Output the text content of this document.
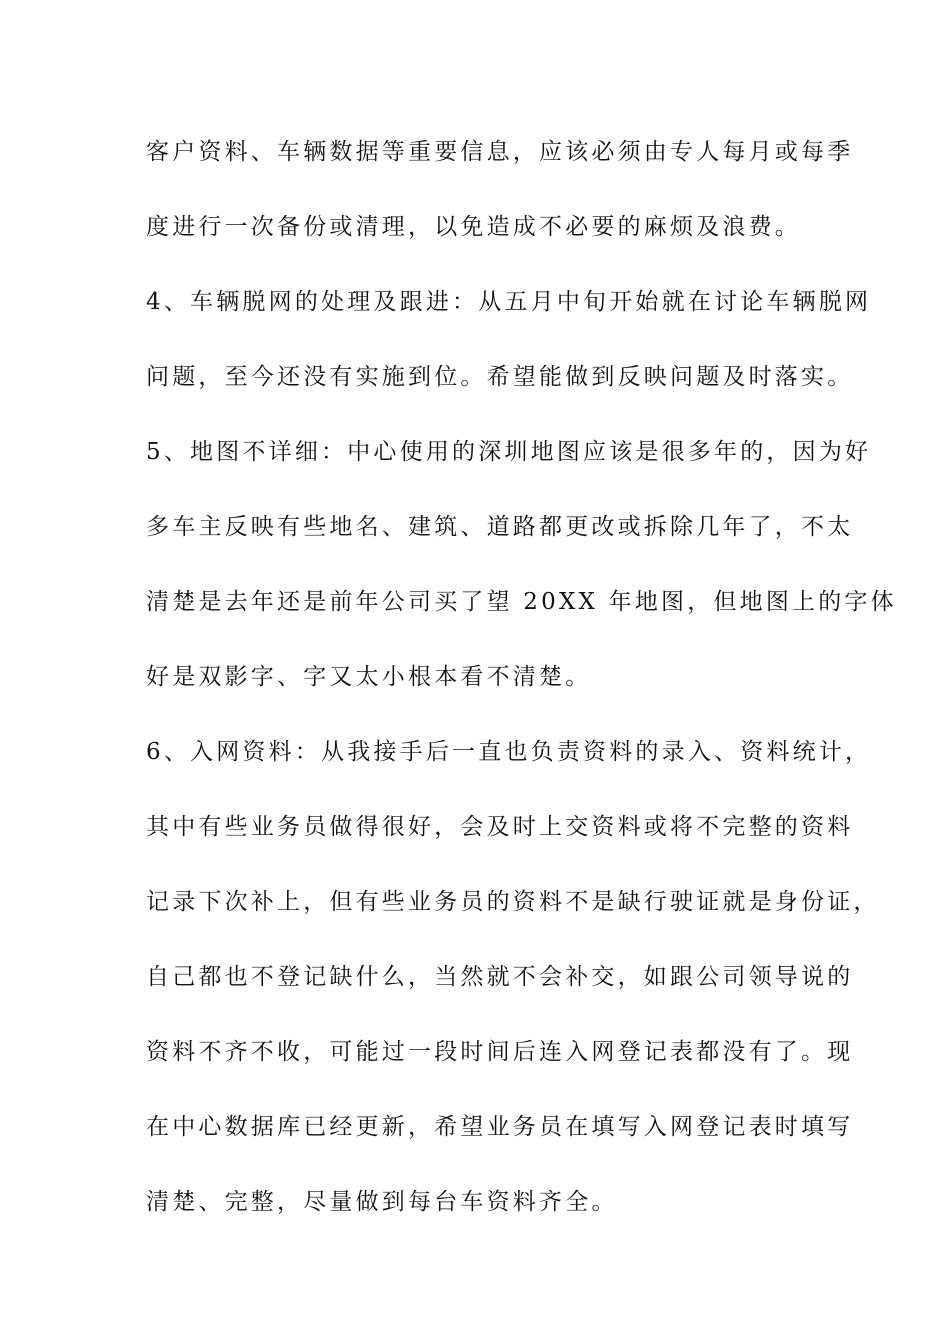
客户资料、车辆数据等重要信息，应该必须由专人每月或每季
度进行一次备份或清理，以免造成不必要的麻烦及浪费。
4、车辆脱网的处理及跟进：从五月中旬开始就在讨论车辆脱网
问题，至今还没有实施到位。希望能做到反映问题及时落实。
5、地图不详细：中心使用的深圳地图应该是很多年的，因为好
多车主反映有些地名、建筑、道路都更改或拆除几年了，不太
清楚是去年还是前年公司买了望 20XX 年地图，但地图上的字体
好是双影字、字又太小根本看不清楚。
6、入网资料：从我接手后一直也负责资料的录入、资料统计，
其中有些业务员做得很好，会及时上交资料或将不完整的资料
记录下次补上，但有些业务员的资料不是缺行驶证就是身份证，
自己都也不登记缺什么，当然就不会补交，如跟公司领导说的
资料不齐不收，可能过一段时间后连入网登记表都没有了。现
在中心数据库已经更新，希望业务员在填写入网登记表时填写
清楚、完整，尽量做到每台车资料齐全。
